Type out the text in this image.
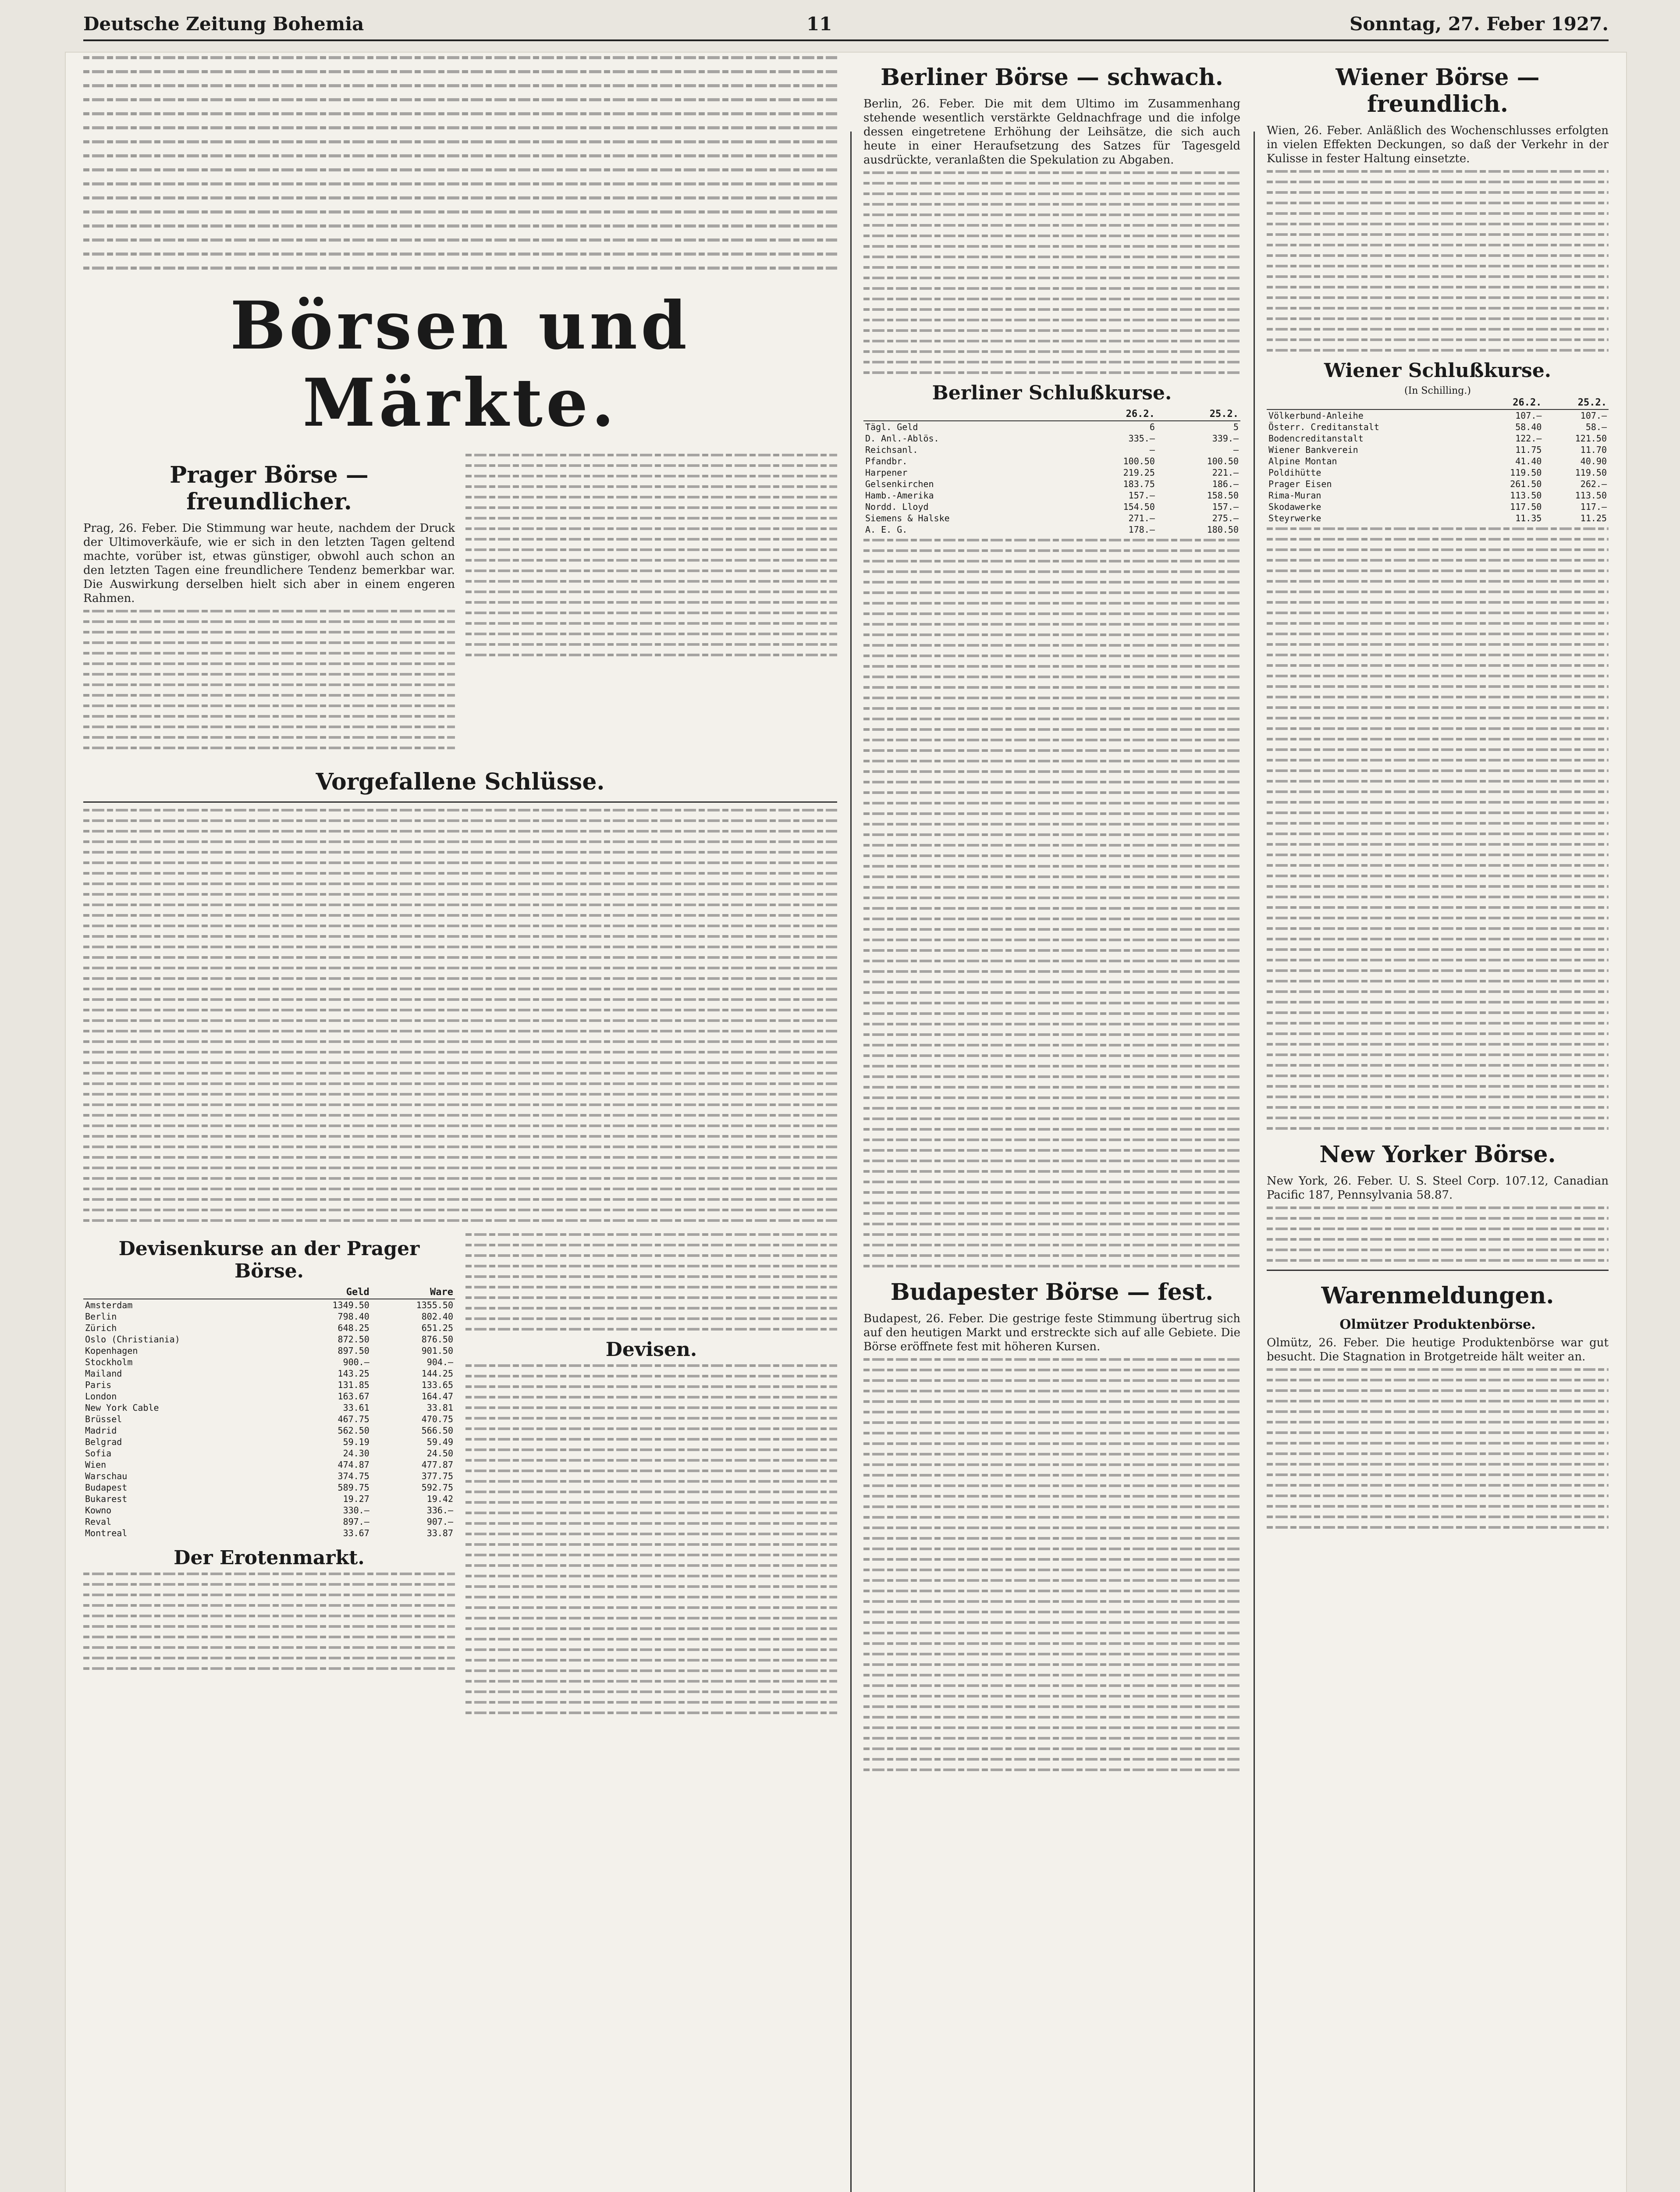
Deutsche Zeitung Bohemia	11	Sonntag, 27. Feber 1927.
Börsen und Märkte.
Prager Börse — freundlicher.

Prag, 26. Feber. Die Stimmung war heute, nachdem der Druck der Ultimoverkäufe, wie er sich in den letzten Tagen geltend machte, vorüber ist, etwas günstiger, obwohl auch schon an den letzten Tagen eine freundlichere Tendenz bemerkbar war. Die Auswirkung derselben hielt sich aber in einem engeren Rahmen.

Vorgefallene Schlüsse.
Devisenkurse an der Prager Börse.
	Geld	Ware
Amsterdam	1349.50	1355.50
Berlin	798.40	802.40
Zürich	648.25	651.25
Oslo (Christiania)	872.50	876.50
Kopenhagen	897.50	901.50
Stockholm	900.—	904.—
Mailand	143.25	144.25
Paris	131.85	133.65
London	163.67	164.47
New York Cable	33.61	33.81
Brüssel	467.75	470.75
Madrid	562.50	566.50
Belgrad	59.19	59.49
Sofia	24.30	24.50
Wien	474.87	477.87
Warschau	374.75	377.75
Budapest	589.75	592.75
Bukarest	19.27	19.42
Kowno	330.—	336.—
Reval	897.—	907.—
Montreal	33.67	33.87
Der Erotenmarkt.
Devisen.
Berliner Börse — schwach.

Berlin, 26. Feber. Die mit dem Ultimo im Zusammenhang stehende wesentlich verstärkte Geldnachfrage und die infolge dessen eingetretene Erhöhung der Leihsätze, die sich auch heute in einer Heraufsetzung des Satzes für Tagesgeld ausdrückte, veranlaßten die Spekulation zu Abgaben.

Berliner Schlußkurse.
	26.2.	25.2.
Tägl. Geld	6	5
D. Anl.-Ablös.	335.—	339.—
Reichsanl.	—	—
Pfandbr.	100.50	100.50
Harpener	219.25	221.—
Gelsenkirchen	183.75	186.—
Hamb.-Amerika	157.—	158.50
Nordd. Lloyd	154.50	157.—
Siemens & Halske	271.—	275.—
A. E. G.	178.—	180.50
Budapester Börse — fest.

Budapest, 26. Feber. Die gestrige feste Stimmung übertrug sich auf den heutigen Markt und erstreckte sich auf alle Gebiete. Die Börse eröffnete fest mit höheren Kursen.

Wiener Börse — freundlich.

Wien, 26. Feber. Anläßlich des Wochenschlusses erfolgten in vielen Effekten Deckungen, so daß der Verkehr in der Kulisse in fester Haltung einsetzte.

Wiener Schlußkurse.
(In Schilling.)
	26.2.	25.2.
Völkerbund-Anleihe	107.—	107.—
Österr. Creditanstalt	58.40	58.—
Bodencreditanstalt	122.—	121.50
Wiener Bankverein	11.75	11.70
Alpine Montan	41.40	40.90
Poldihütte	119.50	119.50
Prager Eisen	261.50	262.—
Rima-Muran	113.50	113.50
Skodawerke	117.50	117.—
Steyrwerke	11.35	11.25
New Yorker Börse.

New York, 26. Feber. U. S. Steel Corp. 107.12, Canadian Pacific 187, Pennsylvania 58.87.

Warenmeldungen.
Olmützer Produktenbörse.

Olmütz, 26. Feber. Die heutige Produktenbörse war gut besucht. Die Stagnation in Brotgetreide hält weiter an.
